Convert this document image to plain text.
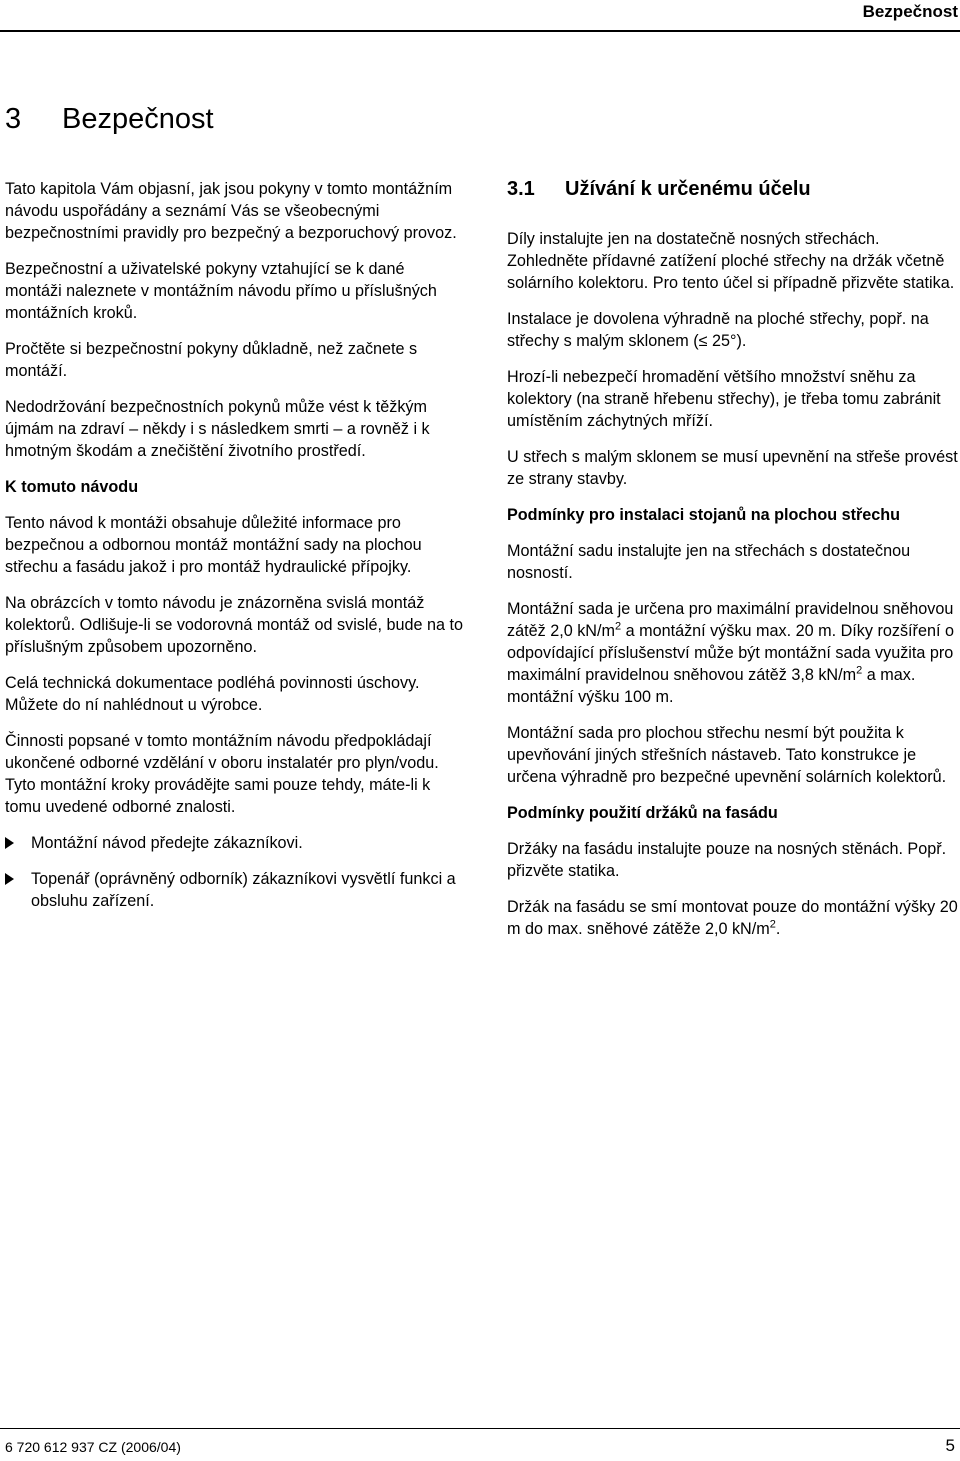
Bezpečnost
3 Bezpečnost

Tato kapitola Vám objasní, jak jsou pokyny v tomto montážním návodu uspořádány a seznámí Vás se všeobecnými bezpečnostními pravidly pro bezpečný a bezporuchový provoz.

Bezpečnostní a uživatelské pokyny vztahující se k dané montáži naleznete v montážním návodu přímo u příslušných montážních kroků.

Pročtěte si bezpečnostní pokyny důkladně, než začnete s montáží.

Nedodržování bezpečnostních pokynů může vést k těžkým újmám na zdraví – někdy i s následkem smrti – a rovněž i k hmotným škodám a znečištění životního prostředí.

K tomuto návodu

Tento návod k montáži obsahuje důležité informace pro bezpečnou a odbornou montáž montážní sady na plochou střechu a fasádu jakož i pro montáž hydraulické přípojky.

Na obrázcích v tomto návodu je znázorněna svislá montáž kolektorů. Odlišuje-li se vodorovná montáž od svislé, bude na to příslušným způsobem upozorněno.

Celá technická dokumentace podléhá povinnosti úschovy. Můžete do ní nahlédnout u výrobce.

Činnosti popsané v tomto montážním návodu předpokládají ukončené odborné vzdělání v oboru instalatér pro plyn/vodu. Tyto montážní kroky provádějte sami pouze tehdy, máte-li k tomu uvedené odborné znalosti.

Montážní návod předejte zákazníkovi.
Topenář (oprávněný odborník) zákazníkovi vysvětlí funkci a obsluhu zařízení.
3.1 Užívání k určenému účelu

Díly instalujte jen na dostatečně nosných střechách. Zohledněte přídavné zatížení ploché střechy na držák včetně solárního kolektoru. Pro tento účel si případně přizvěte statika.

Instalace je dovolena výhradně na ploché střechy, popř. na střechy s malým sklonem (≤ 25°).

Hrozí-li nebezpečí hromadění většího množství sněhu za kolektory (na straně hřebenu střechy), je třeba tomu zabránit umístěním záchytných mříží.

U střech s malým sklonem se musí upevnění na střeše provést ze strany stavby.

Podmínky pro instalaci stojanů na plochou střechu

Montážní sadu instalujte jen na střechách s dostatečnou nosností.

Montážní sada je určena pro maximální pravidelnou sněhovou zátěž 2,0 $kN/m^2$ a montážní výšku max. 20 m. Díky rozšíření o odpovídající příslušenství může být montážní sada využita pro maximální pravidelnou sněhovou zátěž 3,8 $kN/m^2$ a max. montážní výšku 100 m.

Montážní sada pro plochou střechu nesmí být použita k upevňování jiných střešních nástaveb. Tato konstrukce je určena výhradně pro bezpečné upevnění solárních kolektorů.

Podmínky použití držáků na fasádu

Držáky na fasádu instalujte pouze na nosných stěnách. Popř. přizvěte statika.

Držák na fasádu se smí montovat pouze do montážní výšky 20 m do max. sněhové zátěže 2,0 $kN/m^2$.

6 720 612 937 CZ (2006/04)	5
